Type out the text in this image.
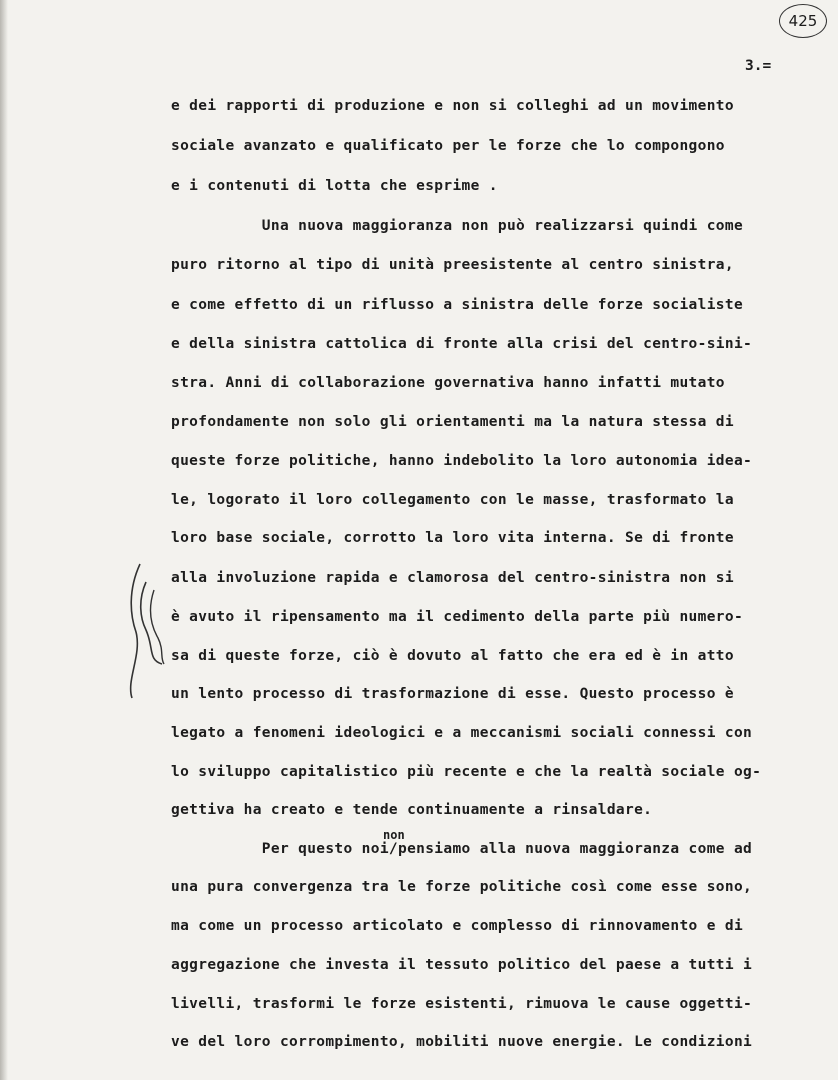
425
3.=
e dei rapporti di produzione e non si colleghi ad un movimento
sociale avanzato e qualificato per le forze che lo compongono
e i contenuti di lotta che esprime .
Una nuova maggioranza non può realizzarsi quindi come
puro ritorno al tipo di unità preesistente al centro sinistra,
e come effetto di un riflusso a sinistra delle forze socialiste
e della sinistra cattolica di fronte alla crisi del centro-sini-
stra. Anni di collaborazione governativa hanno infatti mutato
profondamente non solo gli orientamenti ma la natura stessa di
queste forze politiche, hanno indebolito la loro autonomia idea-
le, logorato il loro collegamento con le masse, trasformato la
loro base sociale, corrotto la loro vita interna. Se di fronte
alla involuzione rapida e clamorosa del centro-sinistra non si
è avuto il ripensamento ma il cedimento della parte più numero-
sa di queste forze, ciò è dovuto al fatto che era ed è in atto
un lento processo di trasformazione di esse. Questo processo è
legato a fenomeni ideologici e a meccanismi sociali connessi con
lo sviluppo capitalistico più recente e che la realtà sociale og-
gettiva ha creato e tende continuamente a rinsaldare.
Per questo noi/pensiamo alla nuova maggioranza come ad
una pura convergenza tra le forze politiche così come esse sono,
ma come un processo articolato e complesso di rinnovamento e di
aggregazione che investa il tessuto politico del paese a tutti i
livelli, trasformi le forze esistenti, rimuova le cause oggetti-
ve del loro corrompimento, mobiliti nuove energie. Le condizioni
non
